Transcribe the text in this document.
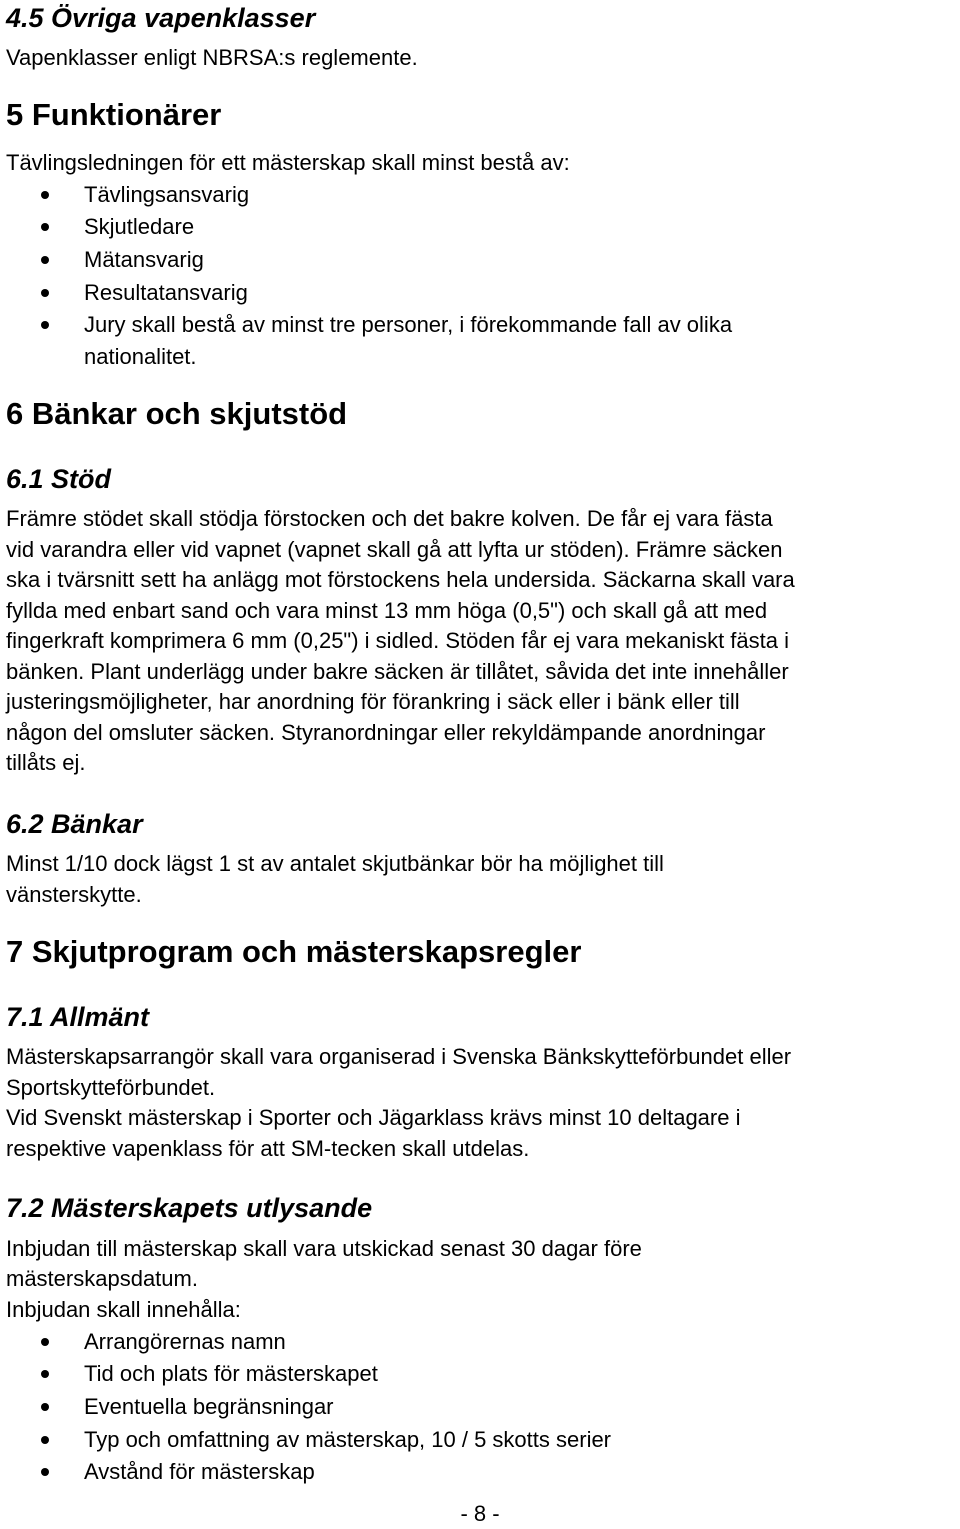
4.5 Övriga vapenklasser
Vapenklasser enligt NBRSA:s reglemente.
5 Funktionärer
Tävlingsledningen för ett mästerskap skall minst bestå av:
Tävlingsansvarig
Skjutledare
Mätansvarig
Resultatansvarig
Jury skall bestå av minst tre personer, i förekommande fall av olika
nationalitet.
6 Bänkar och skjutstöd
6.1 Stöd
Främre stödet skall stödja förstocken och det bakre kolven. De får ej vara fästa
vid varandra eller vid vapnet (vapnet skall gå att lyfta ur stöden). Främre säcken
ska i tvärsnitt sett ha anlägg mot förstockens hela undersida. Säckarna skall vara
fyllda med enbart sand och vara minst 13 mm höga (0,5") och skall gå att med
fingerkraft komprimera 6 mm (0,25") i sidled. Stöden får ej vara mekaniskt fästa i
bänken. Plant underlägg under bakre säcken är tillåtet, såvida det inte innehåller
justeringsmöjligheter, har anordning för förankring i säck eller i bänk eller till
någon del omsluter säcken. Styranordningar eller rekyldämpande anordningar
tillåts ej.
6.2 Bänkar
Minst 1/10 dock lägst 1 st av antalet skjutbänkar bör ha möjlighet till
vänsterskytte.
7 Skjutprogram och mästerskapsregler
7.1 Allmänt
Mästerskapsarrangör skall vara organiserad i Svenska Bänkskytteförbundet eller
Sportskytteförbundet.
Vid Svenskt mästerskap i Sporter och Jägarklass krävs minst 10 deltagare i
respektive vapenklass för att SM-tecken skall utdelas.
7.2 Mästerskapets utlysande
Inbjudan till mästerskap skall vara utskickad senast 30 dagar före
mästerskapsdatum.
Inbjudan skall innehålla:
Arrangörernas namn
Tid och plats för mästerskapet
Eventuella begränsningar
Typ och omfattning av mästerskap, 10 / 5 skotts serier
Avstånd för mästerskap
- 8 -
